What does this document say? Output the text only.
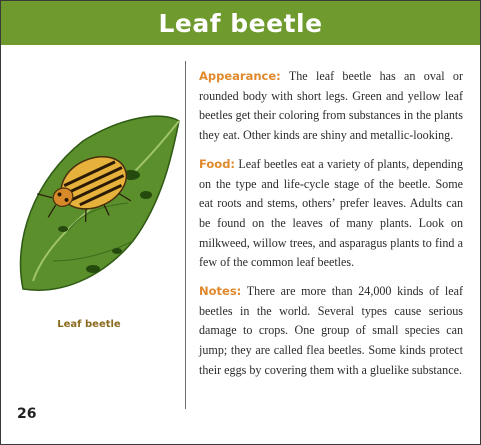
Leaf beetle
Leaf beetle

Appearance: The leaf beetle has an oval or rounded body with short legs. Green and yellow leaf beetles get their coloring from substances in the plants they eat. Other kinds are shiny and metallic-looking.

Food: Leaf beetles eat a variety of plants, depending on the type and life-cycle stage of the beetle. Some eat roots and stems, othersʼ prefer leaves. Adults can be found on the leaves of many plants. Look on milkweed, willow trees, and asparagus plants to find a few of the common leaf beetles.

Notes: There are more than 24,000 kinds of leaf beetles in the world. Several types cause serious damage to crops. One group of small species can jump; they are called flea beetles. Some kinds protect their eggs by covering them with a gluelike substance.

26
